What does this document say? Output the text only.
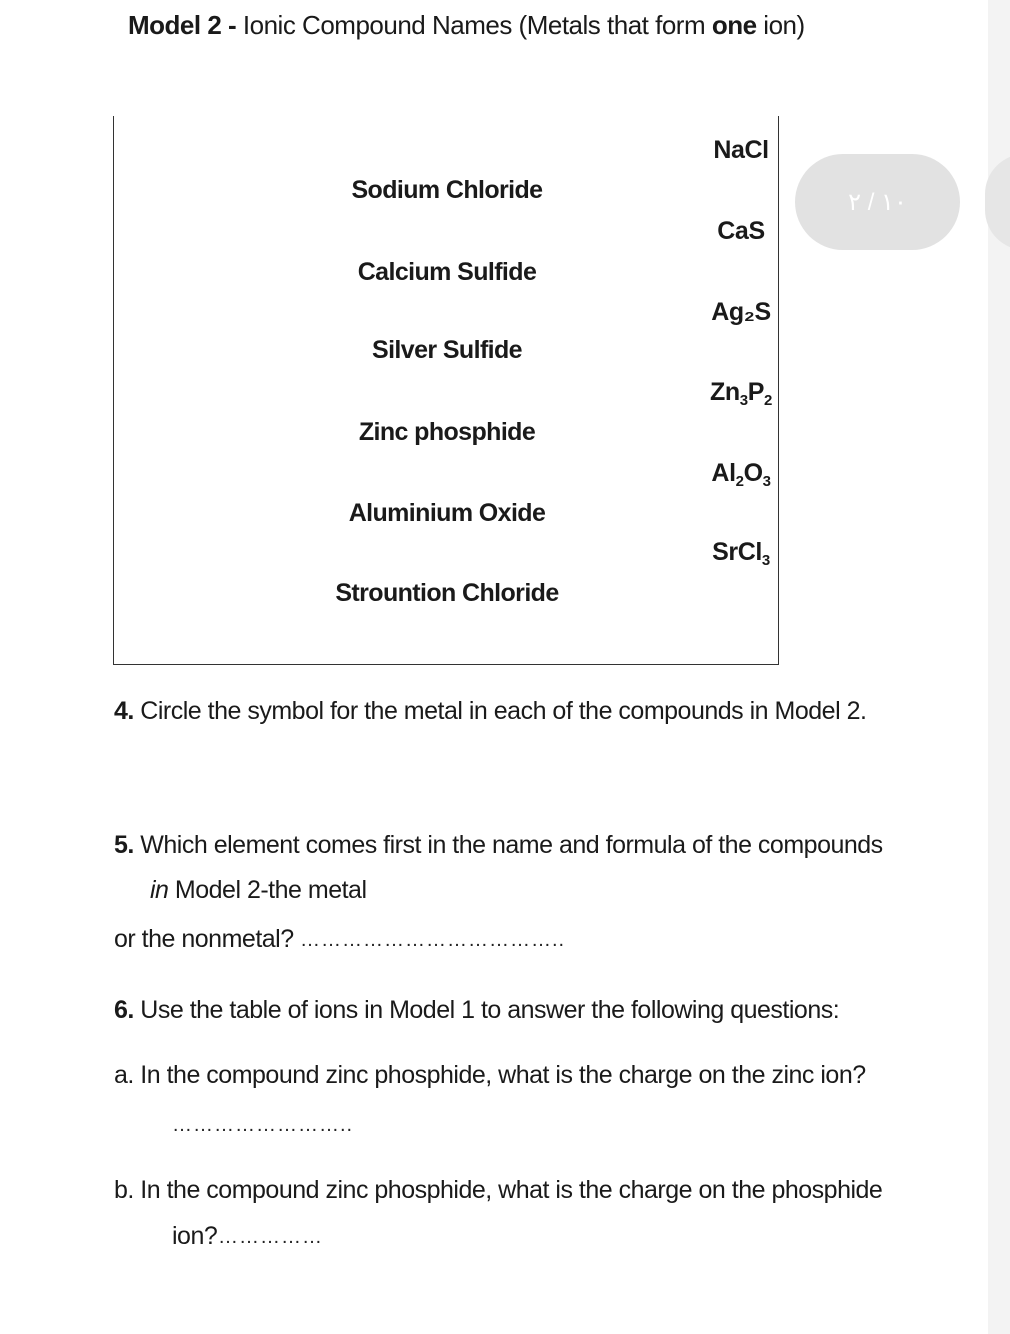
Model 2 - Ionic Compound Names (Metals that form one ion)
Sodium Chloride
Calcium Sulfide
Silver Sulfide
Zinc phosphide
Aluminium Oxide
Strountion Chloride
NaCl
CaS
Ag₂S
$Zn_3P_2$
$Al_2O_3$
SrCl$_3$
۲ / ۱۰
4. Circle the symbol for the metal in each of the compounds in Model 2.
5. Which element comes first in the name and formula of the compounds
in Model 2-the metal
or the nonmetal? ………………………………..
6. Use the table of ions in Model 1 to answer the following questions:
a. In the compound zinc phosphide, what is the charge on the zinc ion?
……………………..
b. In the compound zinc phosphide, what is the charge on the phosphide
ion? ……………
